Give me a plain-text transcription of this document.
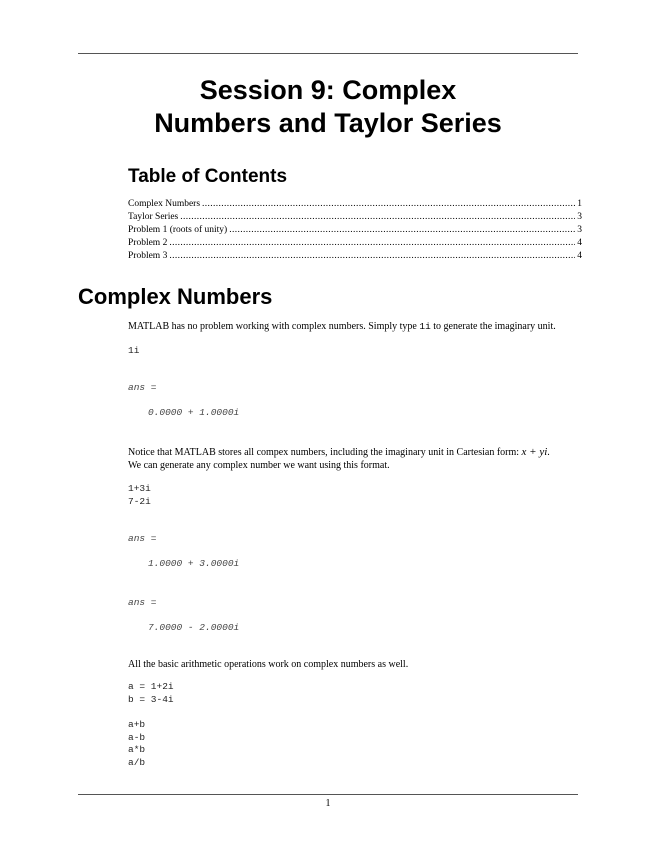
Session 9: Complex
Numbers and Taylor Series
Table of Contents
Complex Numbers . . .	1
Taylor Series . . .	3
Problem 1 (roots of unity) . . .	3
Problem 2 . . .	4
Problem 3 . . .	4
Complex Numbers

MATLAB has no problem working with complex numbers. Simply type 1i to generate the imaginary unit.

1i
ans =
0.0000 + 1.0000i

Notice that MATLAB stores all compex numbers, including the imaginary unit in Cartesian form: x + yi.
We can generate any complex number we want using this format.

1+3i
7-2i
ans =
1.0000 + 3.0000i
ans =
7.0000 - 2.0000i

All the basic arithmetic operations work on complex numbers as well.

a = 1+2i
b = 3-4i
a+b
a-b
a*b
a/b

1
